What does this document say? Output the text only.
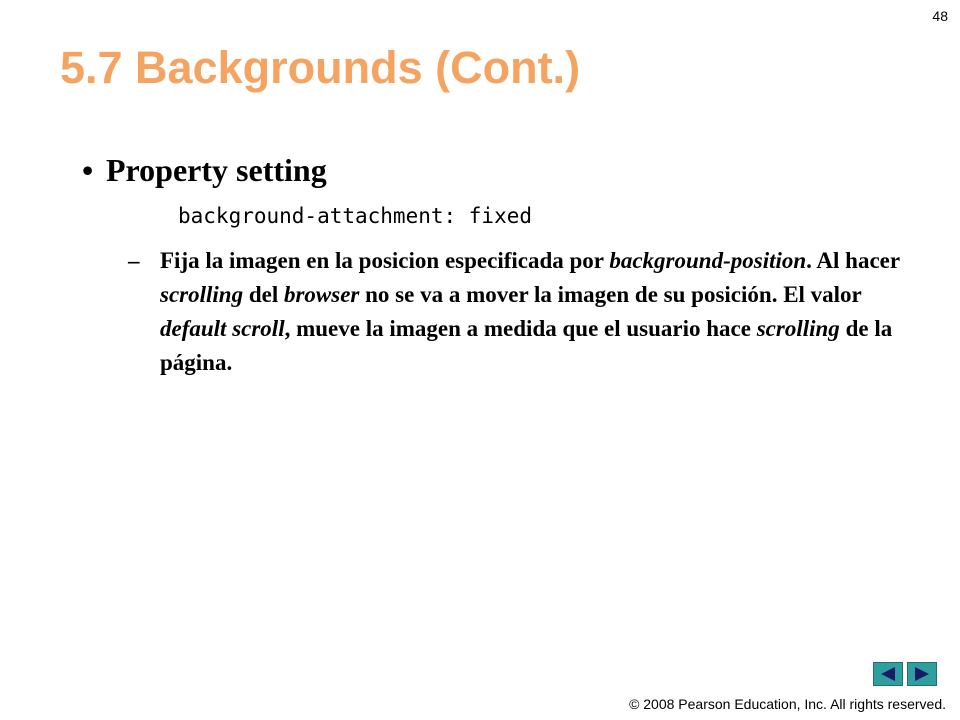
48
5.7 Backgrounds (Cont.)
• Property setting
background-attachment: fixed
– Fija la imagen en la posicion especificada por background-position. Al hacer scrolling del browser no se va a mover la imagen de su posición. El valor default scroll, mueve la imagen a medida que el usuario hace scrolling de la página.
© 2008 Pearson Education, Inc. All rights reserved.
